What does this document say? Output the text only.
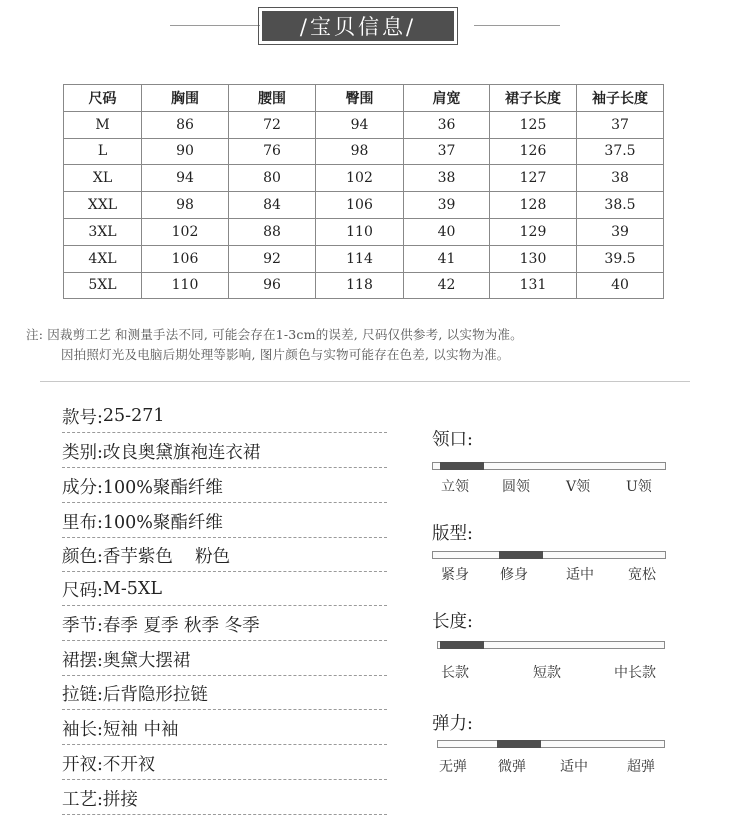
/宝贝信息/
尺码	胸围	腰围	臀围	肩宽	裙子长度	袖子长度
M	86	72	94	36	125	37
L	90	76	98	37	126	37.5
XL	94	80	102	38	127	38
XXL	98	84	106	39	128	38.5
3XL	102	88	110	40	129	39
4XL	106	92	114	41	130	39.5
5XL	110	96	118	42	131	40
注: 因裁剪工艺 和测量手法不同, 可能会存在1-3cm的误差, 尺码仅供参考, 以实物为准。
因拍照灯光及电脑后期处理等影响, 图片颜色与实物可能存在色差, 以实物为准。
款号: 25-271
类别: 改良奥黛旗袍连衣裙
成分: 100%聚酯纤维
里布: 100%聚酯纤维
颜色: 香芋紫色    粉色
尺码: M-5XL
季节: 春季 夏季 秋季 冬季
裙摆: 奥黛大摆裙
拉链: 后背隐形拉链
袖长: 短袖 中袖
开衩: 不开衩
工艺: 拼接
领口:
立领 圆领	V领	U领
版型:
紧身 修身	适中 宽松
长度:
长款	短款	中长款
弹力:
无弹 微弹 适中	超弹
